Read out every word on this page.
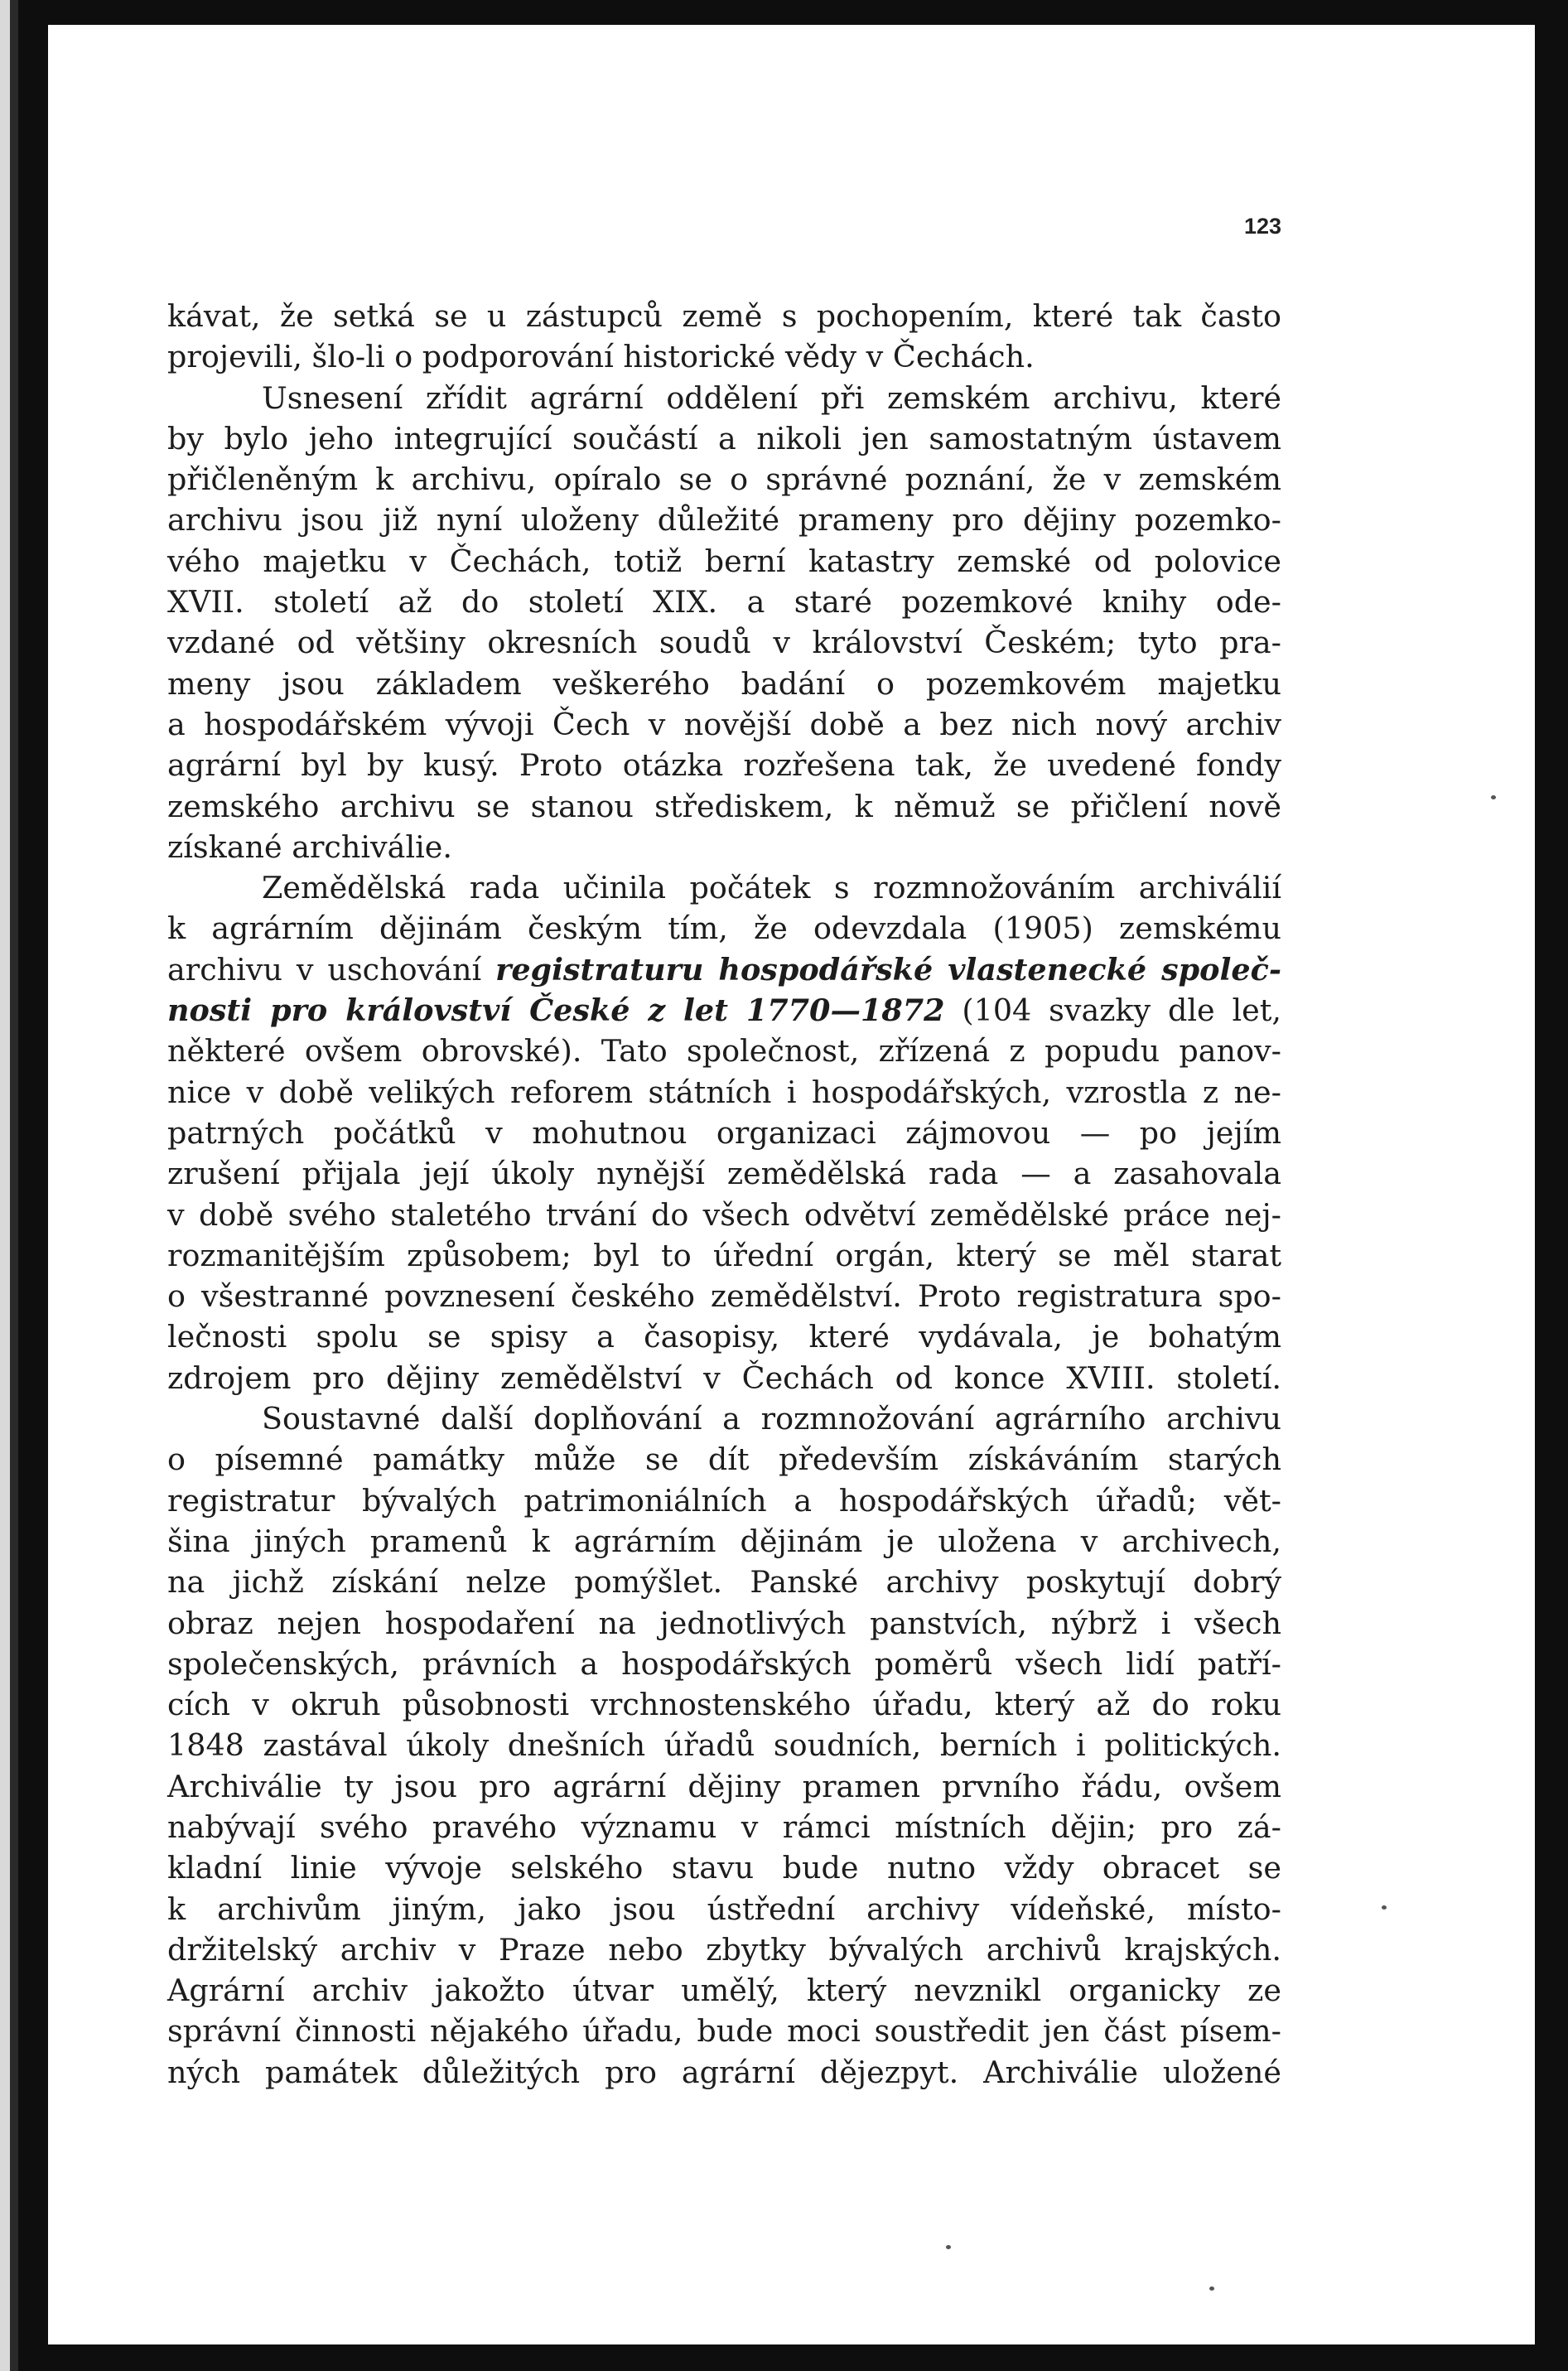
123
kávat, že setká se u zástupců země s pochopením, které tak často
projevili, šlo-li o podporování historické vědy v Čechách.
Usnesení zřídit agrární oddělení při zemském archivu, které
by bylo jeho integrující součástí a nikoli jen samostatným ústavem
přičleněným k archivu, opíralo se o správné poznání, že v zemském
archivu jsou již nyní uloženy důležité prameny pro dějiny pozemko-
vého majetku v Čechách, totiž berní katastry zemské od polovice
XVII. století až do století XIX. a staré pozemkové knihy ode-
vzdané od většiny okresních soudů v království Českém; tyto pra-
meny jsou základem veškerého badání o pozemkovém majetku
a hospodářském vývoji Čech v novější době a bez nich nový archiv
agrární byl by kusý. Proto otázka rozřešena tak, že uvedené fondy
zemského archivu se stanou střediskem, k němuž se přičlení nově
získané archiválie.
Zemědělská rada učinila počátek s rozmnožováním archiválií
k agrárním dějinám českým tím, že odevzdala (1905) zemskému
archivu v uschování registraturu hospodářské vlastenecké společ-
nosti pro království České z let 1770—1872 (104 svazky dle let,
některé ovšem obrovské). Tato společnost, zřízená z popudu panov-
nice v době velikých reforem státních i hospodářských, vzrostla z ne-
patrných počátků v mohutnou organizaci zájmovou — po jejím
zrušení přijala její úkoly nynější zemědělská rada — a zasahovala
v době svého staletého trvání do všech odvětví zemědělské práce nej-
rozmanitějším způsobem; byl to úřední orgán, který se měl starat
o všestranné povznesení českého zemědělství. Proto registratura spo-
lečnosti spolu se spisy a časopisy, které vydávala, je bohatým
zdrojem pro dějiny zemědělství v Čechách od konce XVIII. století.
Soustavné další doplňování a rozmnožování agrárního archivu
o písemné památky může se dít především získáváním starých
registratur bývalých patrimoniálních a hospodářských úřadů; vět-
šina jiných pramenů k agrárním dějinám je uložena v archivech,
na jichž získání nelze pomýšlet. Panské archivy poskytují dobrý
obraz nejen hospodaření na jednotlivých panstvích, nýbrž i všech
společenských, právních a hospodářských poměrů všech lidí patří-
cích v okruh působnosti vrchnostenského úřadu, který až do roku
1848 zastával úkoly dnešních úřadů soudních, berních i politických.
Archiválie ty jsou pro agrární dějiny pramen prvního řádu, ovšem
nabývají svého pravého významu v rámci místních dějin; pro zá-
kladní linie vývoje selského stavu bude nutno vždy obracet se
k archivům jiným, jako jsou ústřední archivy vídeňské, místo-
držitelský archiv v Praze nebo zbytky bývalých archivů krajských.
Agrární archiv jakožto útvar umělý, který nevznikl organicky ze
správní činnosti nějakého úřadu, bude moci soustředit jen část písem-
ných památek důležitých pro agrární dějezpyt. Archiválie uložené
